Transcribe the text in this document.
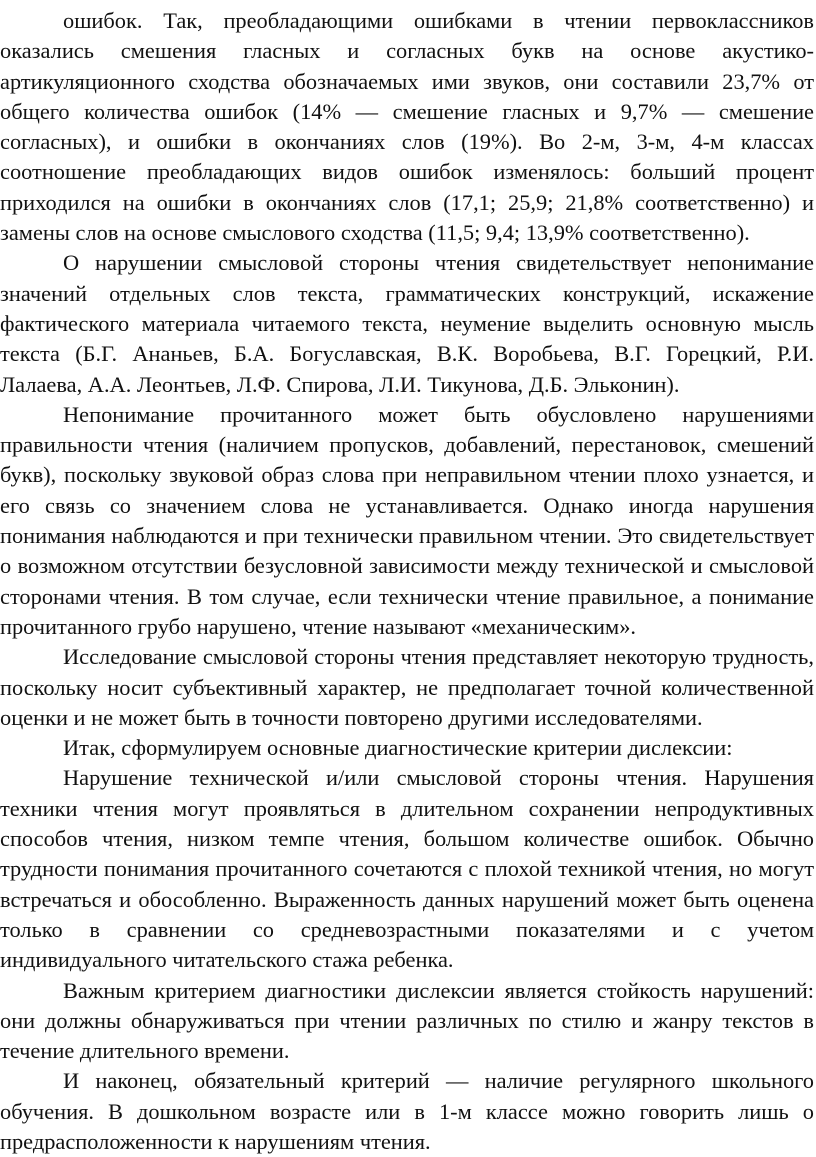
ошибок. Так, преобладающими ошибками в чтении первоклассников оказались смешения гласных и согласных букв на основе акустико-артикуляционного сходства обозначаемых ими звуков, они составили 23,7% от общего количества ошибок (14% — смешение гласных и 9,7% — смешение согласных), и ошибки в окончаниях слов (19%). Во 2-м, 3-м, 4-м классах соотношение преобладающих видов ошибок изменялось: больший процент приходился на ошибки в окончаниях слов (17,1; 25,9; 21,8% соответственно) и замены слов на основе смыслового сходства (11,5; 9,4; 13,9% соответственно).

О нарушении смысловой стороны чтения свидетельствует непонимание значений отдельных слов текста, грамматических конструкций, искажение фактического материала читаемого текста, неумение выделить основную мысль текста (Б.Г. Ананьев, Б.А. Богуславская, В.К. Воробьева, В.Г. Горецкий, Р.И. Лалаева, А.А. Леонтьев, Л.Ф. Спирова, Л.И. Тикунова, Д.Б. Эльконин).

Непонимание прочитанного может быть обусловлено нарушениями правильности чтения (наличием пропусков, добавлений, перестановок, смешений букв), поскольку звуковой образ слова при неправильном чтении плохо узнается, и его связь со значением слова не устанавливается. Однако иногда нарушения понимания наблюдаются и при технически правильном чтении. Это свидетельствует о возможном отсутствии безусловной зависимости между технической и смысловой сторонами чтения. В том случае, если технически чтение правильное, а понимание прочитанного грубо нарушено, чтение называют «механическим».

Исследование смысловой стороны чтения представляет некоторую трудность, поскольку носит субъективный характер, не предполагает точной количественной оценки и не может быть в точности повторено другими исследователями.

Итак, сформулируем основные диагностические критерии дислексии:

Нарушение технической и/или смысловой стороны чтения. Нарушения техники чтения могут проявляться в длительном сохранении непродуктивных способов чтения, низком темпе чтения, большом количестве ошибок. Обычно трудности понимания прочитанного сочетаются с плохой техникой чтения, но могут встречаться и обособленно. Выраженность данных нарушений может быть оценена только в сравнении со средневозрастными показателями и с учетом индивидуального читательского стажа ребенка.

Важным критерием диагностики дислексии является стойкость нарушений: они должны обнаруживаться при чтении различных по стилю и жанру текстов в течение длительного времени.

И наконец, обязательный критерий — наличие регулярного школьного обучения. В дошкольном возрасте или в 1-м классе можно говорить лишь о предрасположенности к нарушениям чтения.
